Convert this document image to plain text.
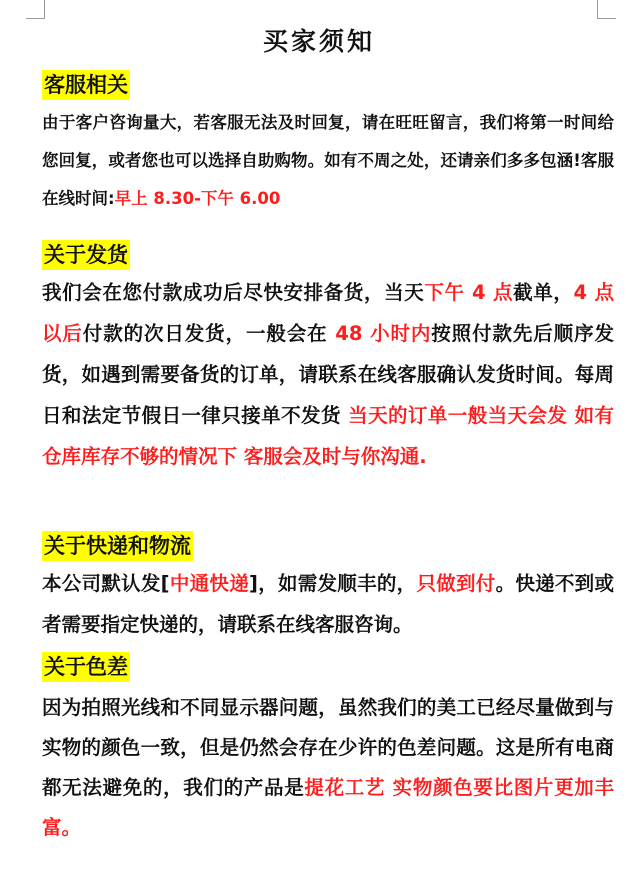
买家须知
客服相关

由于客户咨询量大，若客服无法及时回复，请在旺旺留言，我们将第一时间给您回复，或者您也可以选择自助购物。如有不周之处，还请亲们多多包涵!客服在线时间:早上 8.30-下午 6.00

关于发货

我们会在您付款成功后尽快安排备货，当天下午 4 点截单，4 点以后付款的次日发货，一般会在 48 小时内按照付款先后顺序发货，如遇到需要备货的订单，请联系在线客服确认发货时间。每周日和法定节假日一律只接单不发货 当天的订单一般当天会发 如有仓库库存不够的情况下 客服会及时与你沟通.

关于快递和物流

本公司默认发[中通快递]，如需发顺丰的，只做到付。快递不到或者需要指定快递的，请联系在线客服咨询。

关于色差

因为拍照光线和不同显示器问题，虽然我们的美工已经尽量做到与实物的颜色一致，但是仍然会存在少许的色差问题。这是所有电商都无法避免的，我们的产品是提花工艺 实物颜色要比图片更加丰富。
